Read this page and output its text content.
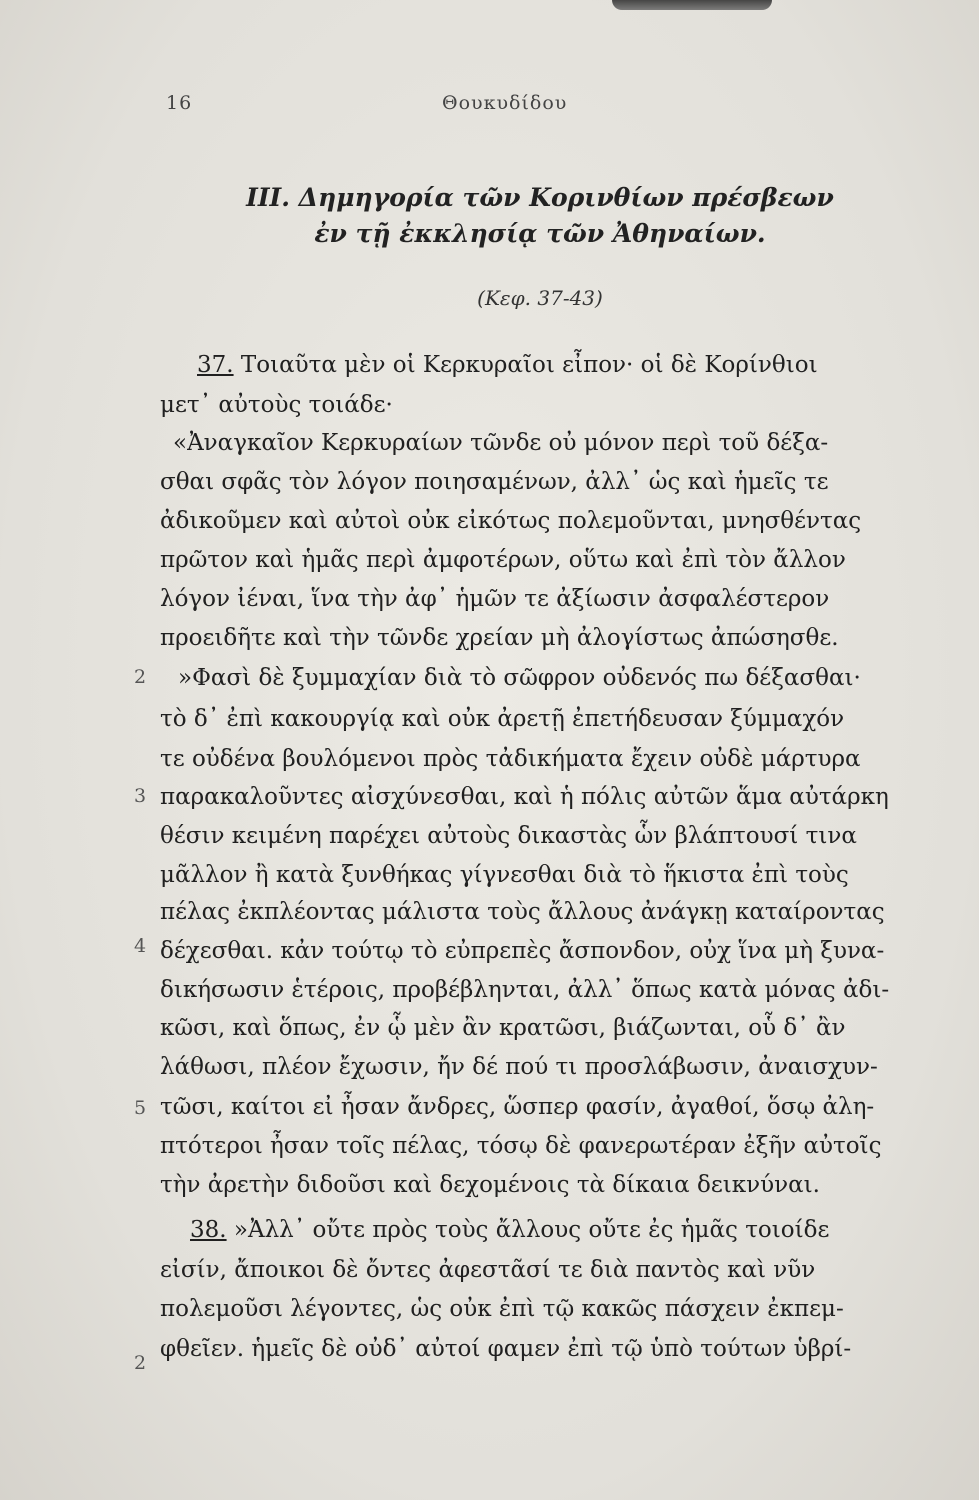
16	Θουκυδίδου
III. Δημηγορία τῶν Κορινθίων πρέσβεων
ἐν τῇ ἐκκλησίᾳ τῶν Ἀθηναίων.
(Κεφ. 37-43)
37. Τοιαῦτα μὲν οἱ Κερκυραῖοι εἶπον· οἱ δὲ Κορίνθιοι
μετ᾽ αὐτοὺς τοιάδε·
«Ἀναγκαῖον Κερκυραίων τῶνδε οὐ μόνον περὶ τοῦ δέξα-
σθαι σφᾶς τὸν λόγον ποιησαμένων, ἀλλ᾽ ὡς καὶ ἡμεῖς τε
ἀδικοῦμεν καὶ αὐτοὶ οὐκ εἰκότως πολεμοῦνται, μνησθέντας
πρῶτον καὶ ἡμᾶς περὶ ἀμφοτέρων, οὕτω καὶ ἐπὶ τὸν ἄλλον
λόγον ἰέναι, ἵνα τὴν ἀφ᾽ ἡμῶν τε ἀξίωσιν ἀσφαλέστερον
προειδῆτε καὶ τὴν τῶνδε χρείαν μὴ ἀλογίστως ἀπώσησθε.
»Φασὶ δὲ ξυμμαχίαν διὰ τὸ σῶφρον οὐδενός πω δέξασθαι·
τὸ δ᾽ ἐπὶ κακουργίᾳ καὶ οὐκ ἀρετῇ ἐπετήδευσαν ξύμμαχόν
τε οὐδένα βουλόμενοι πρὸς τἀδικήματα ἔχειν οὐδὲ μάρτυρα
παρακαλοῦντες αἰσχύνεσθαι, καὶ ἡ πόλις αὐτῶν ἅμα αὐτάρκη
θέσιν κειμένη παρέχει αὐτοὺς δικαστὰς ὧν βλάπτουσί τινα
μᾶλλον ἢ κατὰ ξυνθήκας γίγνεσθαι διὰ τὸ ἥκιστα ἐπὶ τοὺς
πέλας ἐκπλέοντας μάλιστα τοὺς ἄλλους ἀνάγκῃ καταίροντας
δέχεσθαι. κἀν τούτῳ τὸ εὐπρεπὲς ἄσπονδον, οὐχ ἵνα μὴ ξυνα-
δικήσωσιν ἑτέροις, προβέβληνται, ἀλλ᾽ ὅπως κατὰ μόνας ἀδι-
κῶσι, καὶ ὅπως, ἐν ᾧ μὲν ἂν κρατῶσι, βιάζωνται, οὗ δ᾽ ἂν
λάθωσι, πλέον ἔχωσιν, ἤν δέ πού τι προσλάβωσιν, ἀναισχυν-
τῶσι, καίτοι εἰ ἦσαν ἄνδρες, ὥσπερ φασίν, ἀγαθοί, ὅσῳ ἀλη-
πτότεροι ἦσαν τοῖς πέλας, τόσῳ δὲ φανερωτέραν ἐξῆν αὐτοῖς
τὴν ἀρετὴν διδοῦσι καὶ δεχομένοις τὰ δίκαια δεικνύναι.
38. »Ἀλλ᾽ οὔτε πρὸς τοὺς ἄλλους οὔτε ἐς ἡμᾶς τοιοίδε
εἰσίν, ἄποικοι δὲ ὄντες ἀφεστᾶσί τε διὰ παντὸς καὶ νῦν
πολεμοῦσι λέγοντες, ὡς οὐκ ἐπὶ τῷ κακῶς πάσχειν ἐκπεμ-
φθεῖεν. ἡμεῖς δὲ οὐδ᾽ αὐτοί φαμεν ἐπὶ τῷ ὑπὸ τούτων ὑβρί-
2
3
4
5
2
